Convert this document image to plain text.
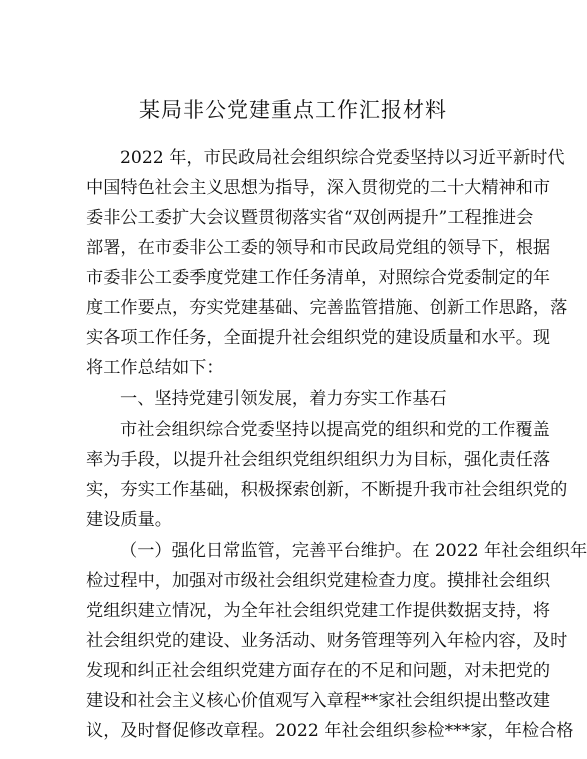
某局非公党建重点工作汇报材料
2022 年，市民政局社会组织综合党委坚持以习近平新时代
中国特色社会主义思想为指导，深入贯彻党的二十大精神和市
委非公工委扩大会议暨贯彻落实省“双创两提升”工程推进会
部署，在市委非公工委的领导和市民政局党组的领导下，根据
市委非公工委季度党建工作任务清单，对照综合党委制定的年
度工作要点，夯实党建基础、完善监管措施、创新工作思路，落
实各项工作任务，全面提升社会组织党的建设质量和水平。现
将工作总结如下：
一、坚持党建引领发展，着力夯实工作基石
市社会组织综合党委坚持以提高党的组织和党的工作覆盖
率为手段，以提升社会组织党组织组织力为目标，强化责任落
实，夯实工作基础，积极探索创新，不断提升我市社会组织党的
建设质量。
（一）强化日常监管，完善平台维护。在 2022 年社会组织年
检过程中，加强对市级社会组织党建检查力度。摸排社会组织
党组织建立情况，为全年社会组织党建工作提供数据支持，将
社会组织党的建设、业务活动、财务管理等列入年检内容，及时
发现和纠正社会组织党建方面存在的不足和问题，对未把党的
建设和社会主义核心价值观写入章程**家社会组织提出整改建
议，及时督促修改章程。2022 年社会组织参检***家，年检合格
